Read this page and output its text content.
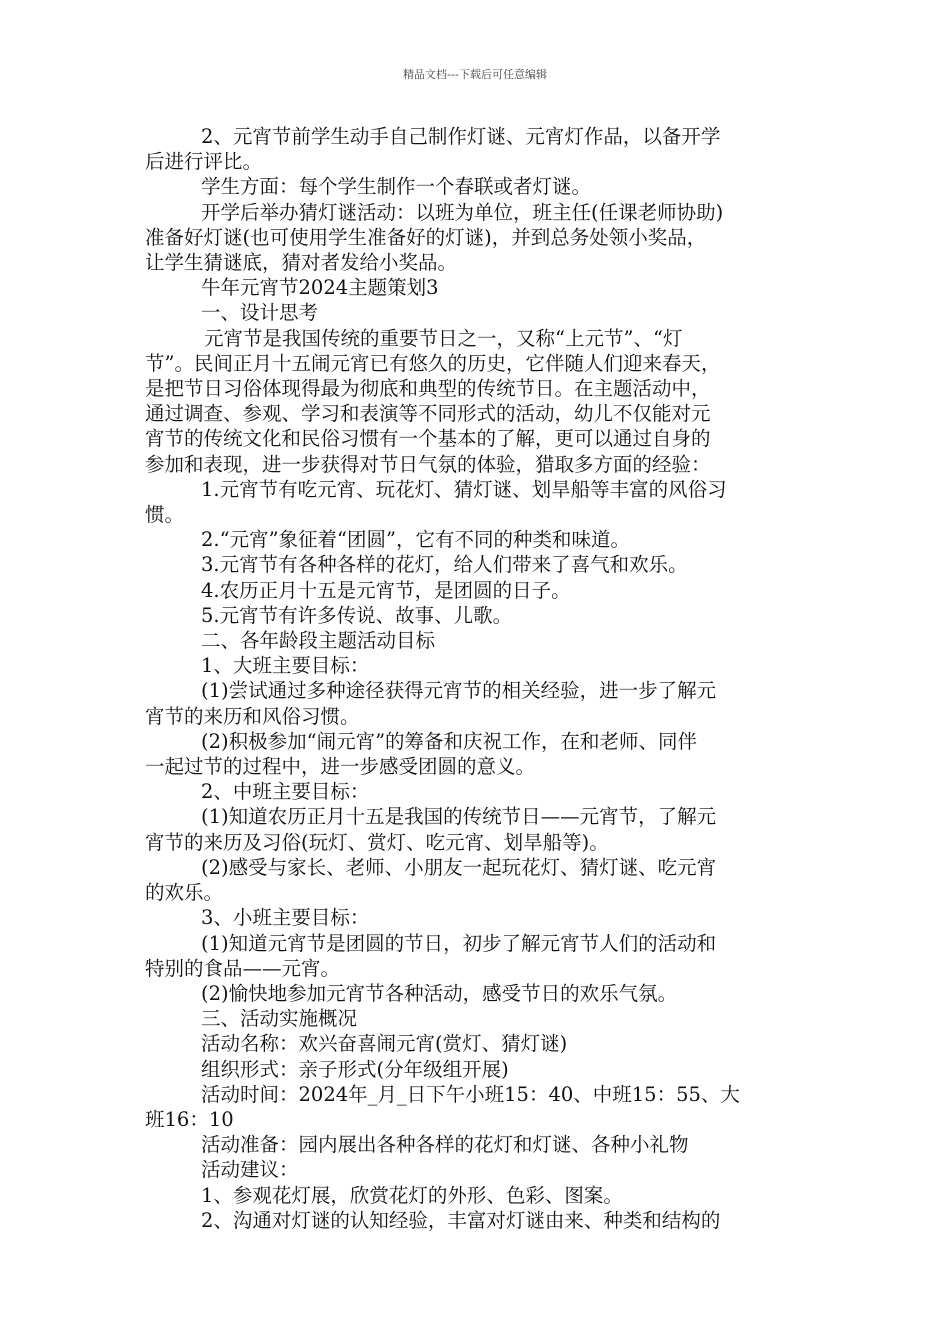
精品文档---下载后可任意编辑

2、元宵节前学生动手自己制作灯谜、元宵灯作品，以备开学

后进行评比。

学生方面：每个学生制作一个春联或者灯谜。

开学后举办猜灯谜活动：以班为单位，班主任(任课老师协助)

准备好灯谜(也可使用学生准备好的灯谜)，并到总务处领小奖品，

让学生猜谜底，猜对者发给小奖品。

牛年元宵节2024主题策划3

一、设计思考

元宵节是我国传统的重要节日之一，又称“上元节”、“灯

节”。民间正月十五闹元宵已有悠久的历史，它伴随人们迎来春天，

是把节日习俗体现得最为彻底和典型的传统节日。在主题活动中，

通过调查、参观、学习和表演等不同形式的活动，幼儿不仅能对元

宵节的传统文化和民俗习惯有一个基本的了解，更可以通过自身的

参加和表现，进一步获得对节日气氛的体验，猎取多方面的经验：

1.元宵节有吃元宵、玩花灯、猜灯谜、划旱船等丰富的风俗习

惯。

2.“元宵”象征着“团圆”，它有不同的种类和味道。

3.元宵节有各种各样的花灯，给人们带来了喜气和欢乐。

4.农历正月十五是元宵节，是团圆的日子。

5.元宵节有许多传说、故事、儿歌。

二、各年龄段主题活动目标

1、大班主要目标：

(1)尝试通过多种途径获得元宵节的相关经验，进一步了解元

宵节的来历和风俗习惯。

(2)积极参加“闹元宵”的筹备和庆祝工作，在和老师、同伴

一起过节的过程中，进一步感受团圆的意义。

2、中班主要目标：

(1)知道农历正月十五是我国的传统节日——元宵节，了解元

宵节的来历及习俗(玩灯、赏灯、吃元宵、划旱船等)。

(2)感受与家长、老师、小朋友一起玩花灯、猜灯谜、吃元宵

的欢乐。

3、小班主要目标：

(1)知道元宵节是团圆的节日，初步了解元宵节人们的活动和

特别的食品——元宵。

(2)愉快地参加元宵节各种活动，感受节日的欢乐气氛。

三、活动实施概况

活动名称：欢兴奋喜闹元宵(赏灯、猜灯谜)

组织形式：亲子形式(分年级组开展)

活动时间：2024年_月_日下午小班15：40、中班15：55、大

班16：10

活动准备：园内展出各种各样的花灯和灯谜、各种小礼物

活动建议：

1、参观花灯展，欣赏花灯的外形、色彩、图案。

2、沟通对灯谜的认知经验，丰富对灯谜由来、种类和结构的
